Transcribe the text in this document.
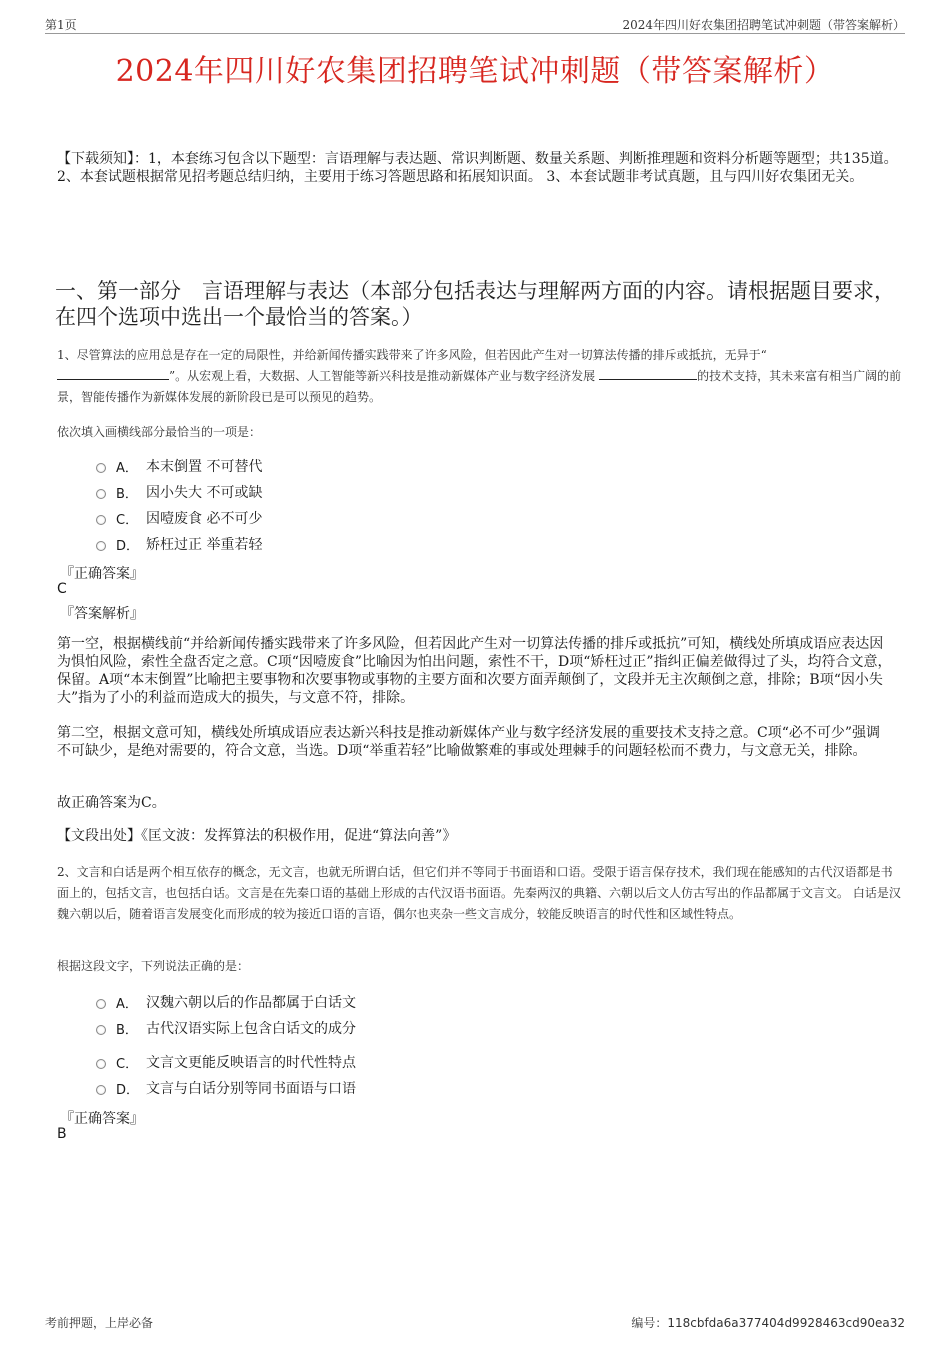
第1页	2024年四川好农集团招聘笔试冲刺题（带答案解析）
2024年四川好农集团招聘笔试冲刺题（带答案解析）
【下载须知】：1，本套练习包含以下题型：言语理解与表达题、常识判断题、数量关系题、判断推理题和资料分析题等题型；共135道。 2、本套试题根据常见招考题总结归纳，主要用于练习答题思路和拓展知识面。 3、本套试题非考试真题，且与四川好农集团无关。
一、第一部分　言语理解与表达（本部分包括表达与理解两方面的内容。请根据题目要求，在四个选项中选出一个最恰当的答案。）
1、尽管算法的应用总是存在一定的局限性，并给新闻传播实践带来了许多风险，但若因此产生对一切算法传播的排斥或抵抗，无异于“
”。从宏观上看，大数据、人工智能等新兴科技是推动新媒体产业与数字经济发展	的技术支持，其未来富有相当广阔的前景，智能传播作为新媒体发展的新阶段已是可以预见的趋势。
依次填入画横线部分最恰当的一项是：
A． 本末倒置 不可替代
B． 因小失大 不可或缺
C． 因噎废食 必不可少
D． 矫枉过正 举重若轻
『正确答案』
C
『答案解析』
第一空，根据横线前“并给新闻传播实践带来了许多风险，但若因此产生对一切算法传播的排斥或抵抗”可知，横线处所填成语应表达因为惧怕风险，索性全盘否定之意。C项“因噎废食”比喻因为怕出问题，索性不干，D项“矫枉过正”指纠正偏差做得过了头，均符合文意，保留。A项“本末倒置”比喻把主要事物和次要事物或事物的主要方面和次要方面弄颠倒了，文段并无主次颠倒之意，排除；B项“因小失大”指为了小的利益而造成大的损失，与文意不符，排除。
第二空，根据文意可知，横线处所填成语应表达新兴科技是推动新媒体产业与数字经济发展的重要技术支持之意。C项“必不可少”强调不可缺少，是绝对需要的，符合文意，当选。D项“举重若轻”比喻做繁难的事或处理棘手的问题轻松而不费力，与文意无关，排除。
故正确答案为C。
【文段出处】《匡文波：发挥算法的积极作用，促进“算法向善”》
2、文言和白话是两个相互依存的概念，无文言，也就无所谓白话，但它们并不等同于书面语和口语。受限于语言保存技术，我们现在能感知的古代汉语都是书面上的，包括文言，也包括白话。文言是在先秦口语的基础上形成的古代汉语书面语。先秦两汉的典籍、六朝以后文人仿古写出的作品都属于文言文。 白话是汉魏六朝以后，随着语言发展变化而形成的较为接近口语的言语，偶尔也夹杂一些文言成分，较能反映语言的时代性和区域性特点。
根据这段文字，下列说法正确的是：
A． 汉魏六朝以后的作品都属于白话文
B． 古代汉语实际上包含白话文的成分
C． 文言文更能反映语言的时代性特点
D． 文言与白话分别等同书面语与口语
『正确答案』
B
考前押题，上岸必备	编号：118cbfda6a377404d9928463cd90ea32
